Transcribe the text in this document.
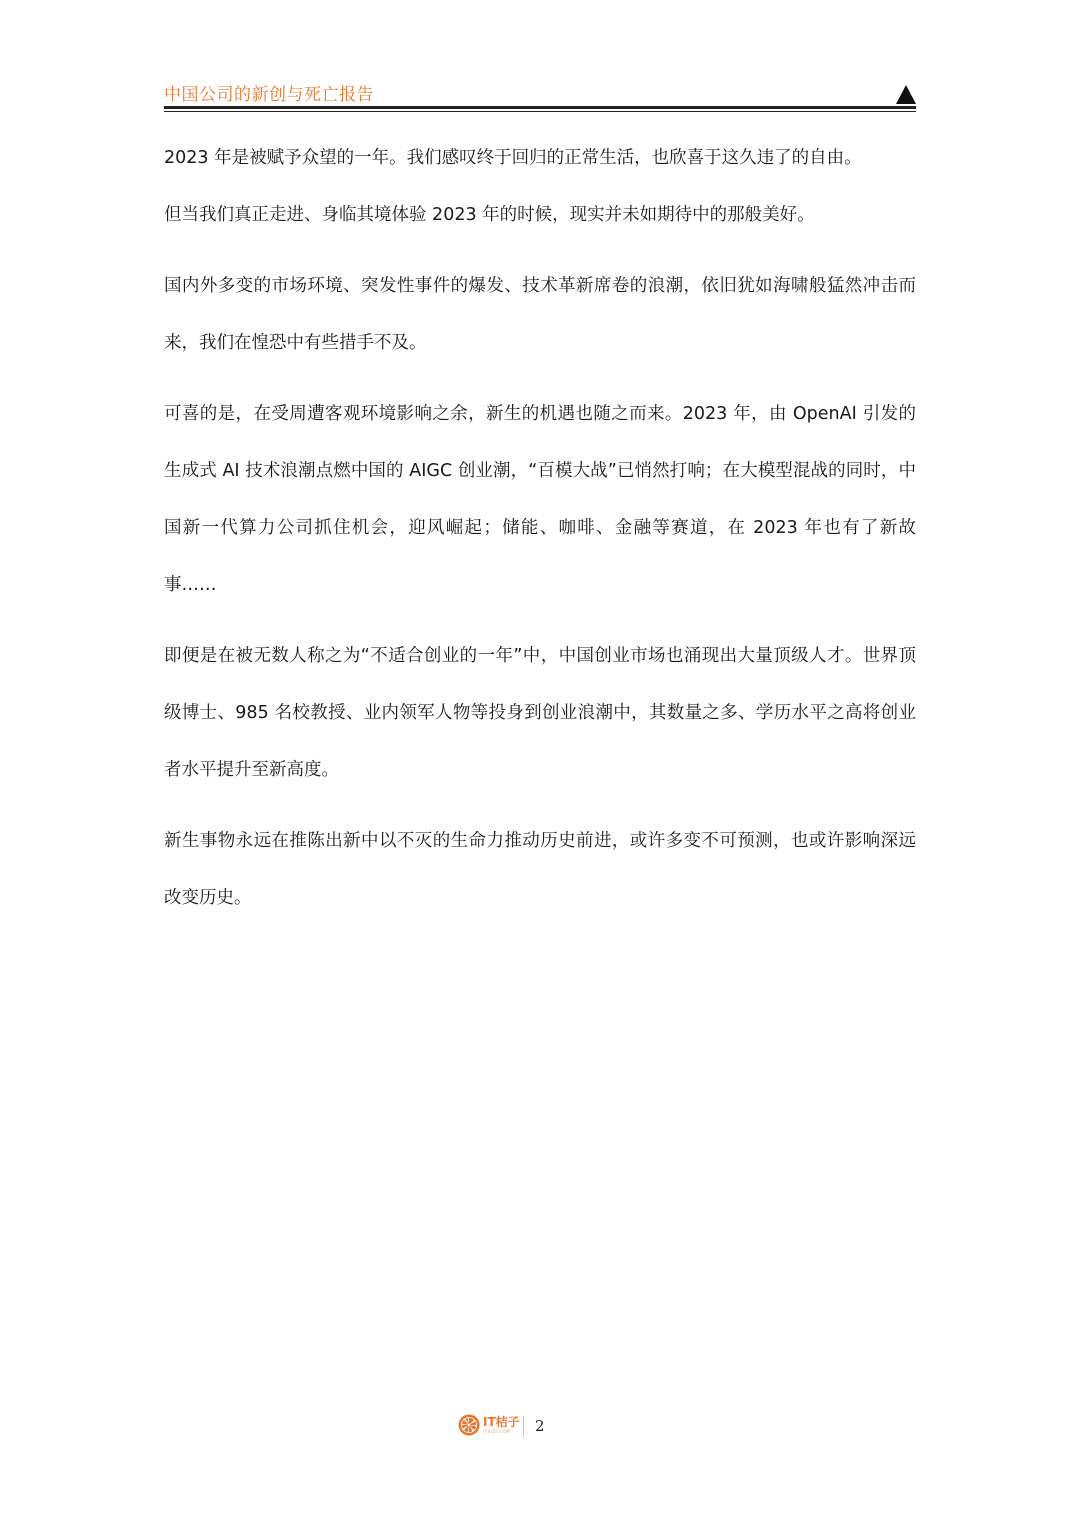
中国公司的新创与死亡报告

2023 年是被赋予众望的一年。我们感叹终于回归的正常生活，也欣喜于这久违了的自由。

但当我们真正走进、身临其境体验 2023 年的时候，现实并未如期待中的那般美好。

国内外多变的市场环境、突发性事件的爆发、技术革新席卷的浪潮，依旧犹如海啸般猛然冲击而来，我们在惶恐中有些措手不及。

可喜的是，在受周遭客观环境影响之余，新生的机遇也随之而来。2023 年，由 OpenAI 引发的生成式 AI 技术浪潮点燃中国的 AIGC 创业潮，“百模大战”已悄然打响；在大模型混战的同时，中国新一代算力公司抓住机会，迎风崛起；储能、咖啡、金融等赛道，在 2023 年也有了新故事……

即便是在被无数人称之为“不适合创业的一年”中，中国创业市场也涌现出大量顶级人才。世界顶级博士、985 名校教授、业内领军人物等投身到创业浪潮中，其数量之多、学历水平之高将创业者水平提升至新高度。

新生事物永远在推陈出新中以不灭的生命力推动历史前进，或许多变不可预测，也或许影响深远改变历史。

IT桔子
ITJUZI.COM	2
